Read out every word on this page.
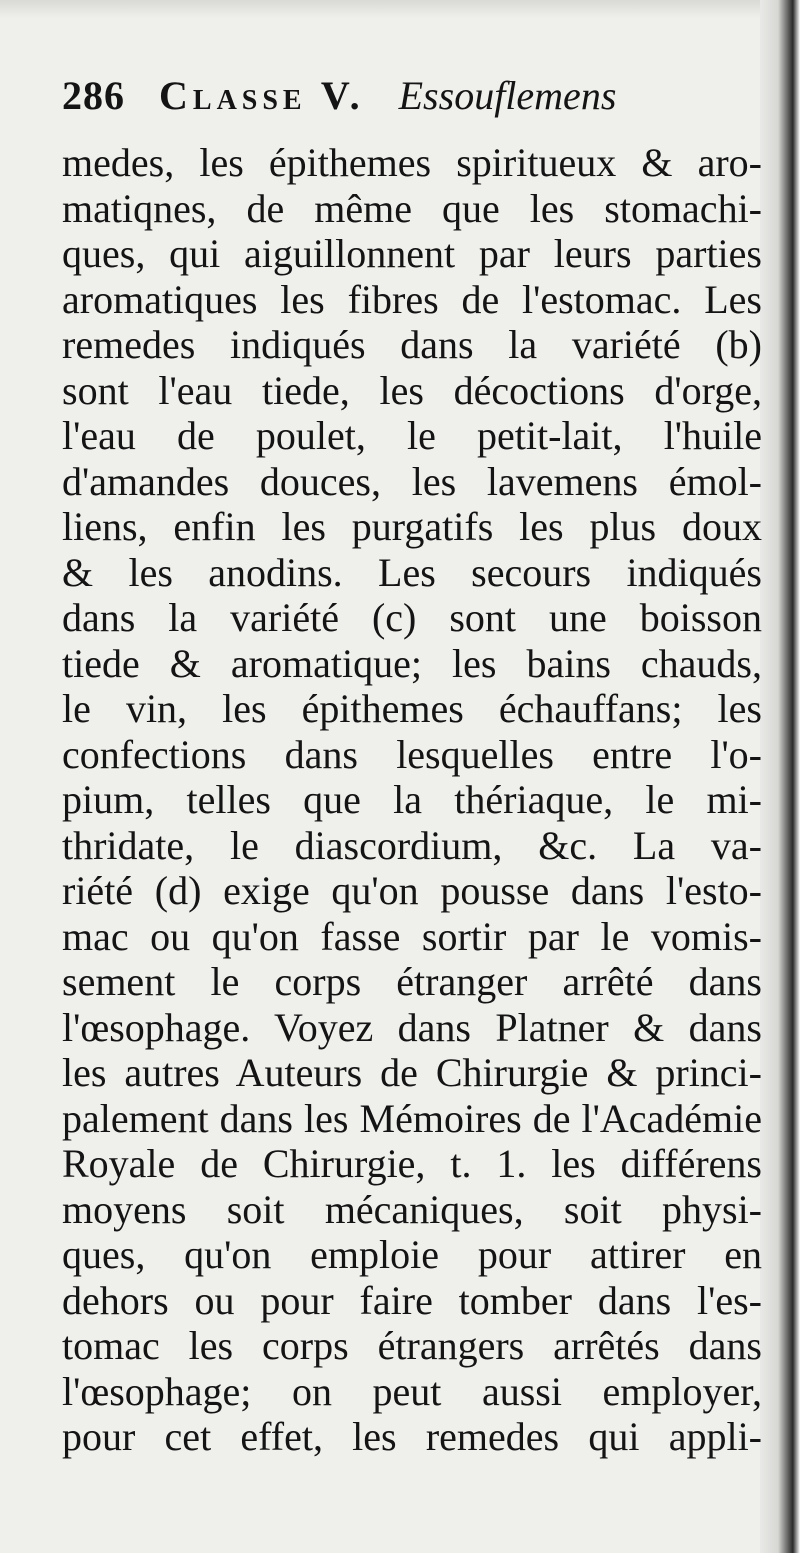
286 Classe V. Essouflemens
medes, les épithemes spiritueux & aro-
matiqnes, de même que les stomachi-
ques, qui aiguillonnent par leurs parties
aromatiques les fibres de l'estomac. Les
remedes indiqués dans la variété (b)
sont l'eau tiede, les décoctions d'orge,
l'eau de poulet, le petit-lait, l'huile
d'amandes douces, les lavemens émol-
liens, enfin les purgatifs les plus doux
& les anodins. Les secours indiqués
dans la variété (c) sont une boisson
tiede & aromatique; les bains chauds,
le vin, les épithemes échauffans; les
confections dans lesquelles entre l'o-
pium, telles que la thériaque, le mi-
thridate, le diascordium, &c. La va-
riété (d) exige qu'on pousse dans l'esto-
mac ou qu'on fasse sortir par le vomis-
sement le corps étranger arrêté dans
l'œsophage. Voyez dans Platner & dans
les autres Auteurs de Chirurgie & princi-
palement dans les Mémoires de l'Académie
Royale de Chirurgie, t. 1. les différens
moyens soit mécaniques, soit physi-
ques, qu'on emploie pour attirer en
dehors ou pour faire tomber dans l'es-
tomac les corps étrangers arrêtés dans
l'œsophage; on peut aussi employer,
pour cet effet, les remedes qui appli-
